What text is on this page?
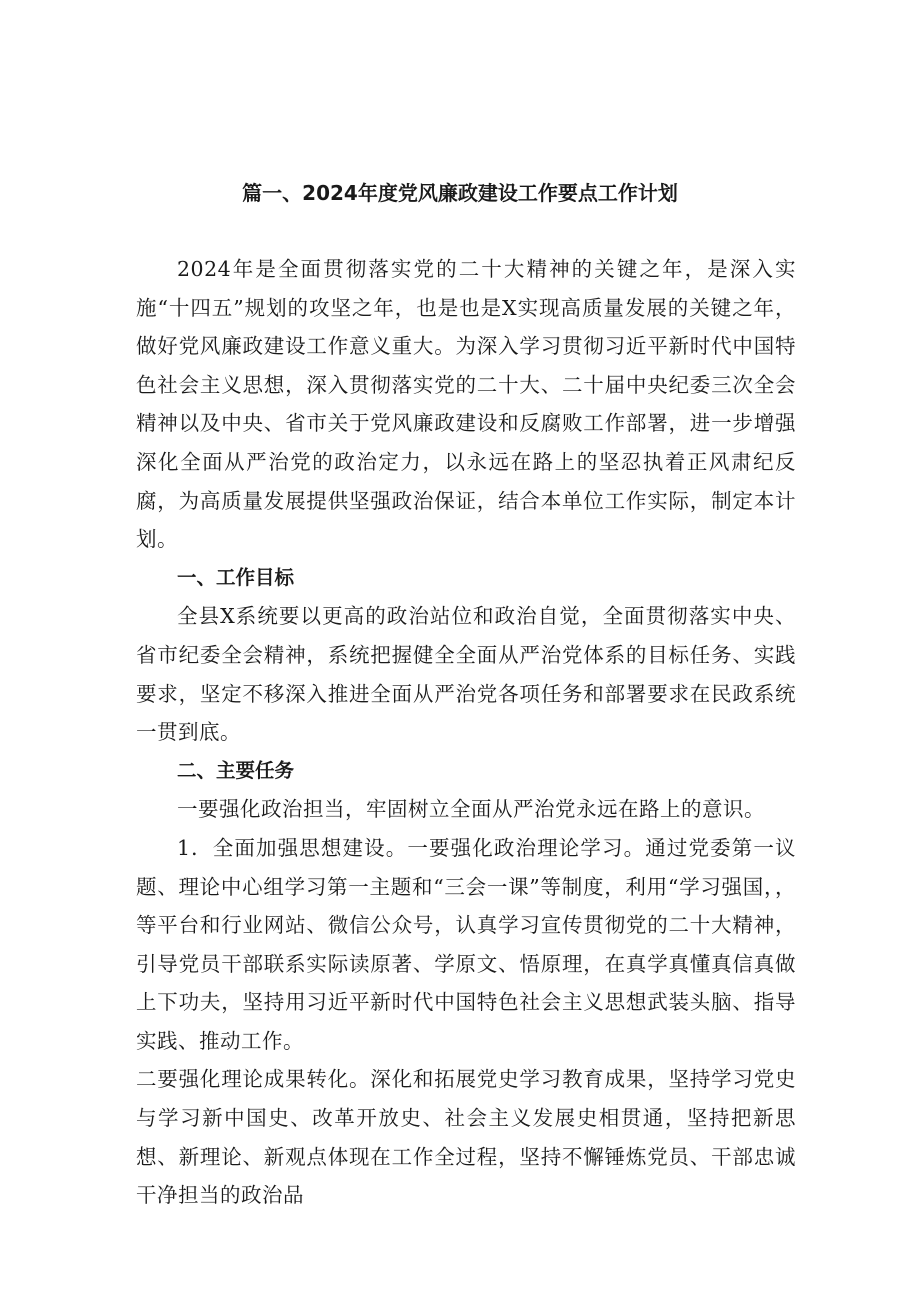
篇一、2024年度党风廉政建设工作要点工作计划

2024年是全面贯彻落实党的二十大精神的关键之年，是深入实施“十四五”规划的攻坚之年，也是也是X实现高质量发展的关键之年，做好党风廉政建设工作意义重大。为深入学习贯彻习近平新时代中国特色社会主义思想，深入贯彻落实党的二十大、二十届中央纪委三次全会精神以及中央、省市关于党风廉政建设和反腐败工作部署，进一步增强深化全面从严治党的政治定力，以永远在路上的坚忍执着正风肃纪反腐，为高质量发展提供坚强政治保证，结合本单位工作实际，制定本计划。

一、工作目标

全县X系统要以更高的政治站位和政治自觉，全面贯彻落实中央、省市纪委全会精神，系统把握健全全面从严治党体系的目标任务、实践要求，坚定不移深入推进全面从严治党各项任务和部署要求在民政系统一贯到底。

二、主要任务

一要强化政治担当，牢固树立全面从严治党永远在路上的意识。

1．全面加强思想建设。一要强化政治理论学习。通过党委第一议题、理论中心组学习第一主题和“三会一课”等制度，利用“学习强国，，等平台和行业网站、微信公众号，认真学习宣传贯彻党的二十大精神，引导党员干部联系实际读原著、学原文、悟原理，在真学真懂真信真做上下功夫，坚持用习近平新时代中国特色社会主义思想武装头脑、指导实践、推动工作。

二要强化理论成果转化。深化和拓展党史学习教育成果，坚持学习党史与学习新中国史、改革开放史、社会主义发展史相贯通，坚持把新思想、新理论、新观点体现在工作全过程，坚持不懈锤炼党员、干部忠诚干净担当的政治品
